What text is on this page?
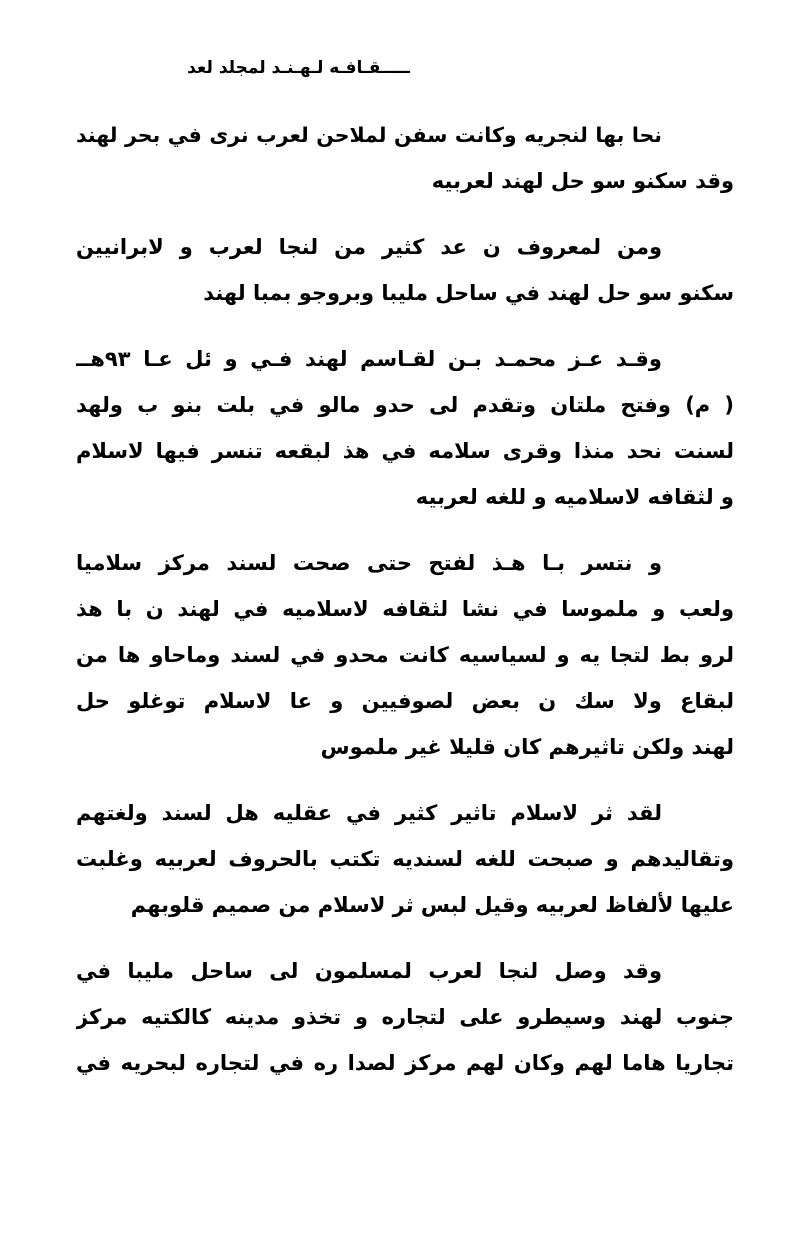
ـــــقـافـه لـهـنـد لمجلد لعد
نحا بها لنجريه وكانت سفن لملاحن لعرب نرى في بحر لهند
وقد سكنو سو حل لهند لعربيه
ومن لمعروف ن عد كثير من لنجا لعرب و لابرانيين
سكنو سو حل لهند في ساحل مليبا وبروجو بمبا لهند
وقـد عـز محمـد بـن لقـاسم لهند فـي و ئل عـا ٩٣هــ
( م) وفتح ملتان وتقدم لى حدو مالو في بلت بنو ب ولهد
لسنت نحد منذا وقرى سلامه في هذ لبقعه تنسر فيها لاسلام
و لثقافه لاسلاميه و للغه لعربيه
و نتسر بـا هـذ لفتح حتى صحت لسند مركز سلاميا
ولعب و ملموسا في نشا لثقافه لاسلاميه في لهند ن با هذ
لرو بط لتجا يه و لسياسيه كانت محدو في لسند وماحاو ها من
لبقاع ولا سك ن بعض لصوفيين و عا لاسلام توغلو حل
لهند ولكن تاثيرهم كان قليلا غير ملموس
لقد ثر لاسلام تاثير كثير في عقليه هل لسند ولغتهم
وتقاليدهم و صبحت للغه لسنديه تكتب بالحروف لعربيه وغلبت
عليها لألفاظ لعربيه وقيل لبس ثر لاسلام من صميم قلوبهم
وقد وصل لنجا لعرب لمسلمون لى ساحل مليبا في
جنوب لهند وسيطرو على لتجاره و تخذو مدينه كالكتيه مركز
تجاريا هاما لهم وكان لهم مركز لصدا ره في لتجاره لبحريه في
